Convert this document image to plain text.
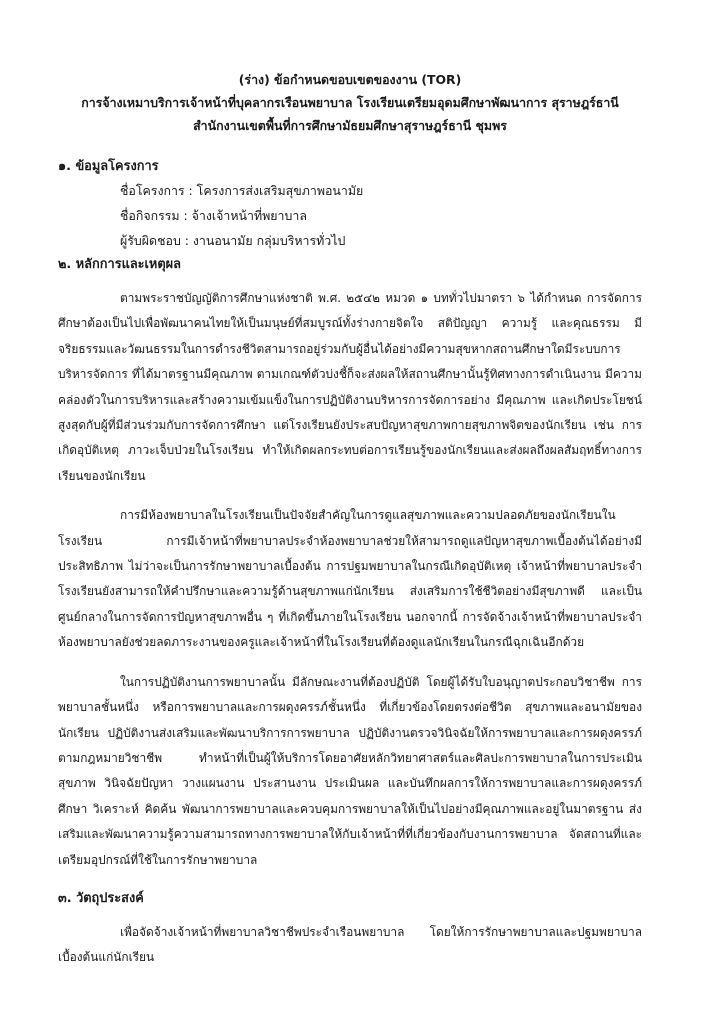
(ร่าง) ข้อกำหนดขอบเขตของงาน (TOR)
การจ้างเหมาบริการเจ้าหน้าที่บุคลากรเรือนพยาบาล โรงเรียนเตรียมอุดมศึกษาพัฒนาการ สุราษฎร์ธานี
สำนักงานเขตพื้นที่การศึกษามัธยมศึกษาสุราษฎร์ธานี ชุมพร
๑. ข้อมูลโครงการ
ชื่อโครงการ : โครงการส่งเสริมสุขภาพอนามัย
ชื่อกิจกรรม : จ้างเจ้าหน้าที่พยาบาล
ผู้รับผิดชอบ : งานอนามัย กลุ่มบริหารทั่วไป
๒. หลักการและเหตุผล

ตามพระราชบัญญัติการศึกษาแห่งชาติ พ.ศ. ๒๕๔๒ หมวด ๑ บททั่วไปมาตรา ๖ ได้กำหนด การจัดการศึกษาต้องเป็นไปเพื่อพัฒนาคนไทยให้เป็นมนุษย์ที่สมบูรณ์ทั้งร่างกายจิตใจ สติปัญญา ความรู้ และคุณธรรม มีจริยธรรมและวัฒนธรรมในการดำรงชีวิตสามารถอยู่ร่วมกับผู้อื่นได้อย่างมีความสุขหากสถานศึกษาใดมีระบบการบริหารจัดการ ที่ได้มาตรฐานมีคุณภาพ ตามเกณฑ์ตัวบ่งชี้ก็จะส่งผลให้สถานศึกษานั้นรู้ทิศทางการดำเนินงาน มีความคล่องตัวในการบริหารและสร้างความเข้มแข็งในการปฏิบัติงานบริหารการจัดการอย่าง มีคุณภาพ และเกิดประโยชน์สูงสุดกับผู้ที่มีส่วนร่วมกับการจัดการศึกษา แต่โรงเรียนยังประสบปัญหาสุขภาพกายสุขภาพจิตของนักเรียน เช่น การเกิดอุบัติเหตุ ภาวะเจ็บป่วยในโรงเรียน ทำให้เกิดผลกระทบต่อการเรียนรู้ของนักเรียนและส่งผลถึงผลสัมฤทธิ์ทางการเรียนของนักเรียน

การมีห้องพยาบาลในโรงเรียนเป็นปัจจัยสำคัญในการดูแลสุขภาพและความปลอดภัยของนักเรียนในโรงเรียน การมีเจ้าหน้าที่พยาบาลประจำห้องพยาบาลช่วยให้สามารถดูแลปัญหาสุขภาพเบื้องต้นได้อย่างมีประสิทธิภาพ ไม่ว่าจะเป็นการรักษาพยาบาลเบื้องต้น การปฐมพยาบาลในกรณีเกิดอุบัติเหตุ เจ้าหน้าที่พยาบาลประจำโรงเรียนยังสามารถให้คำปรึกษาและความรู้ด้านสุขภาพแก่นักเรียน ส่งเสริมการใช้ชีวิตอย่างมีสุขภาพดี และเป็นศูนย์กลางในการจัดการปัญหาสุขภาพอื่น ๆ ที่เกิดขึ้นภายในโรงเรียน นอกจากนี้ การจัดจ้างเจ้าหน้าที่พยาบาลประจำห้องพยาบาลยังช่วยลดภาระงานของครูและเจ้าหน้าที่ในโรงเรียนที่ต้องดูแลนักเรียนในกรณีฉุกเฉินอีกด้วย

ในการปฏิบัติงานการพยาบาลนั้น มีลักษณะงานที่ต้องปฏิบัติ โดยผู้ได้รับใบอนุญาตประกอบวิชาชีพ การพยาบาลชั้นหนึ่ง หรือการพยาบาลและการผดุงครรภ์ชั้นหนึ่ง ที่เกี่ยวข้องโดยตรงต่อชีวิต สุขภาพและอนามัยของนักเรียน ปฏิบัติงานส่งเสริมและพัฒนาบริการการพยาบาล ปฏิบัติงานตรวจวินิจฉัยให้การพยาบาลและการผดุงครรภ์ตามกฎหมายวิชาชีพ ทำหน้าที่เป็นผู้ให้บริการโดยอาศัยหลักวิทยาศาสตร์และศิลปะการพยาบาลในการประเมินสุขภาพ วินิจฉัยปัญหา วางแผนงาน ประสานงาน ประเมินผล และบันทึกผลการให้การพยาบาลและการผดุงครรภ์ ศึกษา วิเคราะห์ คิดค้น พัฒนาการพยาบาลและควบคุมการพยาบาลให้เป็นไปอย่างมีคุณภาพและอยู่ในมาตรฐาน ส่งเสริมและพัฒนาความรู้ความสามารถทางการพยาบาลให้กับเจ้าหน้าที่ที่เกี่ยวข้องกับงานการพยาบาล จัดสถานที่และเตรียมอุปกรณ์ที่ใช้ในการรักษาพยาบาล

๓. วัตถุประสงค์

เพื่อจัดจ้างเจ้าหน้าที่พยาบาลวิชาชีพประจำเรือนพยาบาล โดยให้การรักษาพยาบาลและปฐมพยาบาลเบื้องต้นแก่นักเรียน
